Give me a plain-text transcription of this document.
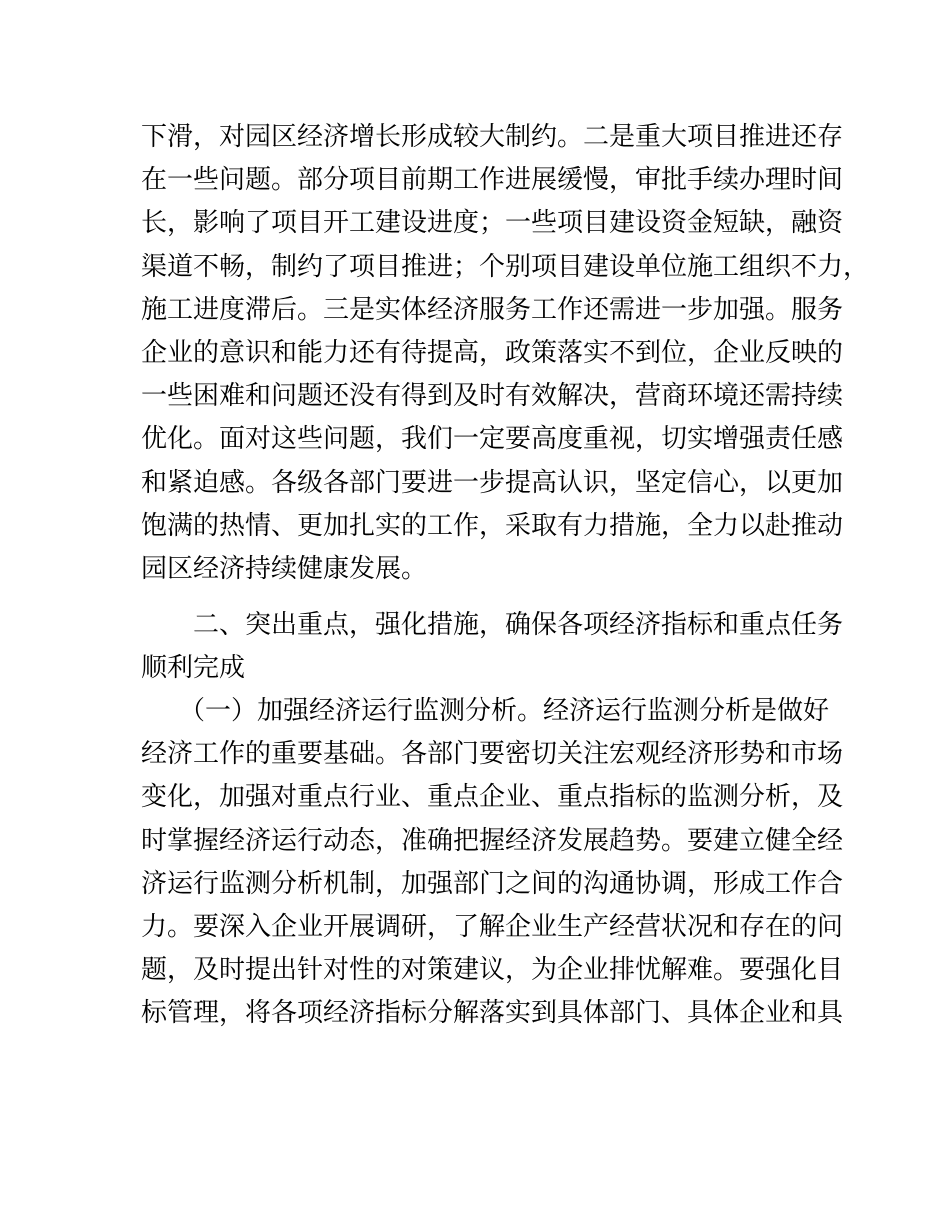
下滑，对园区经济增长形成较大制约。二是重大项目推进还存
在一些问题。部分项目前期工作进展缓慢，审批手续办理时间
长，影响了项目开工建设进度；一些项目建设资金短缺，融资
渠道不畅，制约了项目推进；个别项目建设单位施工组织不力，
施工进度滞后。三是实体经济服务工作还需进一步加强。服务
企业的意识和能力还有待提高，政策落实不到位，企业反映的
一些困难和问题还没有得到及时有效解决，营商环境还需持续
优化。面对这些问题，我们一定要高度重视，切实增强责任感
和紧迫感。各级各部门要进一步提高认识，坚定信心，以更加
饱满的热情、更加扎实的工作，采取有力措施，全力以赴推动
园区经济持续健康发展。
二、突出重点，强化措施，确保各项经济指标和重点任务
顺利完成
（一）加强经济运行监测分析。经济运行监测分析是做好
经济工作的重要基础。各部门要密切关注宏观经济形势和市场
变化，加强对重点行业、重点企业、重点指标的监测分析，及
时掌握经济运行动态，准确把握经济发展趋势。要建立健全经
济运行监测分析机制，加强部门之间的沟通协调，形成工作合
力。要深入企业开展调研，了解企业生产经营状况和存在的问
题，及时提出针对性的对策建议，为企业排忧解难。要强化目
标管理，将各项经济指标分解落实到具体部门、具体企业和具
